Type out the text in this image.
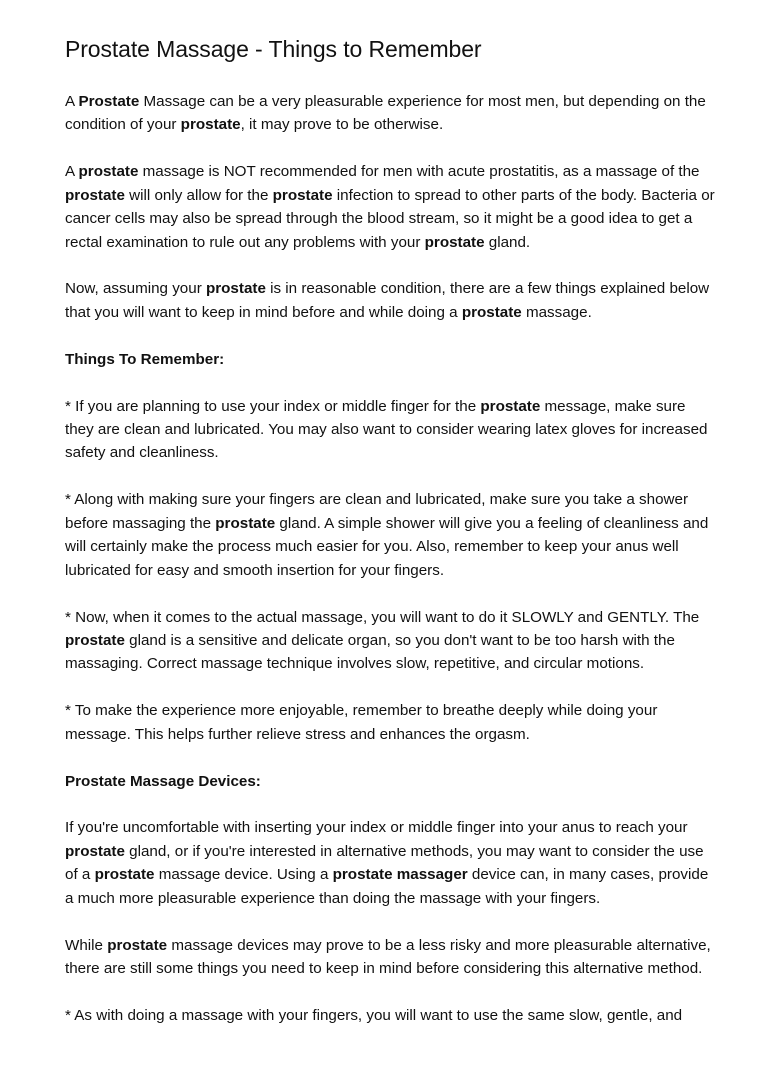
Prostate Massage - Things to Remember

A Prostate Massage can be a very pleasurable experience for most men, but depending on the condition of your prostate, it may prove to be otherwise.

A prostate massage is NOT recommended for men with acute prostatitis, as a massage of the prostate will only allow for the prostate infection to spread to other parts of the body. Bacteria or cancer cells may also be spread through the blood stream, so it might be a good idea to get a rectal examination to rule out any problems with your prostate gland.

Now, assuming your prostate is in reasonable condition, there are a few things explained below that you will want to keep in mind before and while doing a prostate massage.

Things To Remember:

* If you are planning to use your index or middle finger for the prostate message, make sure they are clean and lubricated. You may also want to consider wearing latex gloves for increased safety and cleanliness.

* Along with making sure your fingers are clean and lubricated, make sure you take a shower before massaging the prostate gland. A simple shower will give you a feeling of cleanliness and will certainly make the process much easier for you. Also, remember to keep your anus well lubricated for easy and smooth insertion for your fingers.

* Now, when it comes to the actual massage, you will want to do it SLOWLY and GENTLY. The prostate gland is a sensitive and delicate organ, so you don't want to be too harsh with the massaging. Correct massage technique involves slow, repetitive, and circular motions.

* To make the experience more enjoyable, remember to breathe deeply while doing your message. This helps further relieve stress and enhances the orgasm.

Prostate Massage Devices:

If you're uncomfortable with inserting your index or middle finger into your anus to reach your prostate gland, or if you're interested in alternative methods, you may want to consider the use of a prostate massage device. Using a prostate massager device can, in many cases, provide a much more pleasurable experience than doing the massage with your fingers.

While prostate massage devices may prove to be a less risky and more pleasurable alternative, there are still some things you need to keep in mind before considering this alternative method.

* As with doing a massage with your fingers, you will want to use the same slow, gentle, and
